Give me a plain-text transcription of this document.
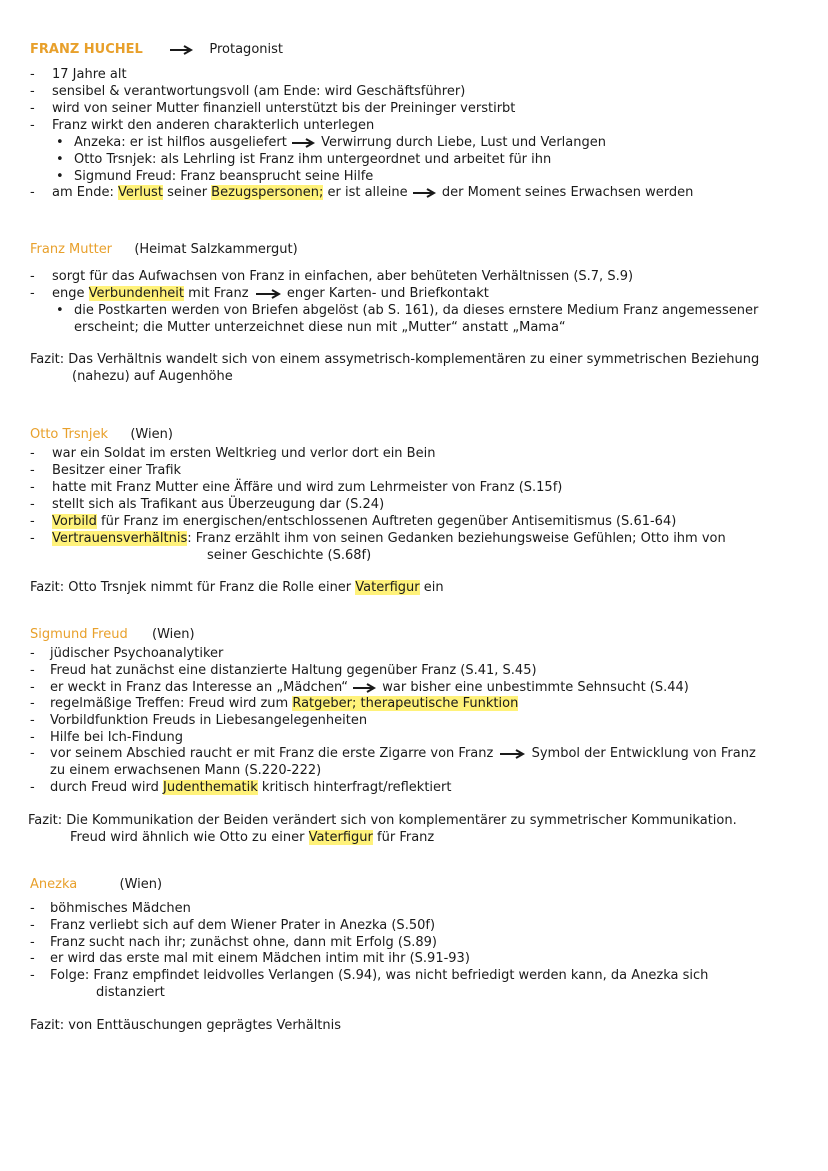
FRANZ HUCHEL	Protagonist
-	17 Jahre alt
-	sensibel & verantwortungsvoll (am Ende: wird Geschäftsführer)
-	wird von seiner Mutter finanziell unterstützt bis der Preininger verstirbt
-	Franz wirkt den anderen charakterlich unterlegen
• Anzeka: er ist hilflos ausgeliefert	Verwirrung durch Liebe, Lust und Verlangen
• Otto Trsnjek: als Lehrling ist Franz ihm untergeordnet und arbeitet für ihn
• Sigmund Freud: Franz beansprucht seine Hilfe
-	am Ende: Verlust seiner Bezugspersonen; er ist alleine	der Moment seines Erwachsen werden
Franz Mutter (Heimat Salzkammergut)
-	sorgt für das Aufwachsen von Franz in einfachen, aber behüteten Verhältnissen (S.7, S.9)
-	enge Verbundenheit mit Franz	enger Karten- und Briefkontakt
• die Postkarten werden von Briefen abgelöst (ab S. 161), da dieses ernstere Medium Franz angemessener
erscheint; die Mutter unterzeichnet diese nun mit „Mutter“ anstatt „Mama“
Fazit: Das Verhältnis wandelt sich von einem assymetrisch-komplementären zu einer symmetrischen Beziehung
(nahezu) auf Augenhöhe
Otto Trsnjek (Wien)
-	war ein Soldat im ersten Weltkrieg und verlor dort ein Bein
-	Besitzer einer Trafik
-	hatte mit Franz Mutter eine Äffäre und wird zum Lehrmeister von Franz (S.15f)
-	stellt sich als Trafikant aus Überzeugung dar (S.24)
-	Vorbild für Franz im energischen/entschlossenen Auftreten gegenüber Antisemitismus (S.61-64)
-	Vertrauensverhältnis: Franz erzählt ihm von seinen Gedanken beziehungsweise Gefühlen; Otto ihm von
seiner Geschichte (S.68f)
Fazit: Otto Trsnjek nimmt für Franz die Rolle einer Vaterfigur ein
Sigmund Freud (Wien)
-	jüdischer Psychoanalytiker
-	Freud hat zunächst eine distanzierte Haltung gegenüber Franz (S.41, S.45)
-	er weckt in Franz das Interesse an „Mädchen“	war bisher eine unbestimmte Sehnsucht (S.44)
-	regelmäßige Treffen: Freud wird zum Ratgeber; therapeutische Funktion
-	Vorbildfunktion Freuds in Liebesangelegenheiten
-	Hilfe bei Ich-Findung
-	vor seinem Abschied raucht er mit Franz die erste Zigarre von Franz	Symbol der Entwicklung von Franz
zu einem erwachsenen Mann (S.220-222)
-	durch Freud wird Judenthematik kritisch hinterfragt/reflektiert
Fazit: Die Kommunikation der Beiden verändert sich von komplementärer zu symmetrischer Kommunikation.
Freud wird ähnlich wie Otto zu einer Vaterfigur für Franz
Anezka	(Wien)
-	böhmisches Mädchen
-	Franz verliebt sich auf dem Wiener Prater in Anezka (S.50f)
-	Franz sucht nach ihr; zunächst ohne, dann mit Erfolg (S.89)
-	er wird das erste mal mit einem Mädchen intim mit ihr (S.91-93)
-	Folge: Franz empfindet leidvolles Verlangen (S.94), was nicht befriedigt werden kann, da Anezka sich
distanziert
Fazit: von Enttäuschungen geprägtes Verhältnis
